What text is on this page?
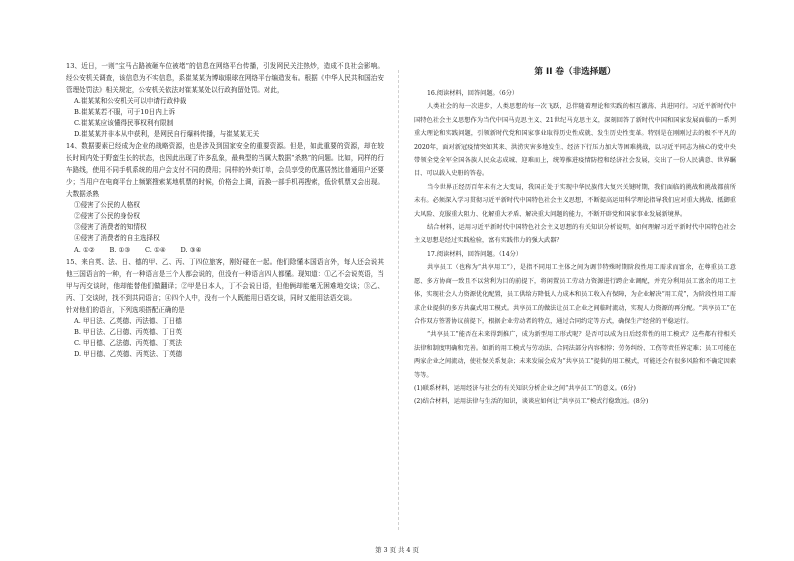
13、近日，一则“宝马占路被砸车位被堵”的信息在网络平台传播，引发网民关注热炒，造成不良社会影响。经公安机关调查，该信息为不实信息，系崔某某为博取眼球在网络平台编造发布。根据《中华人民共和国治安管理处罚法》相关规定，公安机关依法对崔某某处以行政拘留处罚。对此，

A.崔某某和公安机关可以申请行政仲裁

B.崔某某若不服，可于10日内上诉

C.崔某某应该懂得民事权利有限制

D.崔某某并非本从中获利，是网民自行爆料传播，与崔某某无关

14、数据要素已经成为企业的战略资源，也是涉及到国家安全的重要资源。但是，如此重要的资源，却在较长时间内处于野蛮生长的状态，也因此出现了许多乱象，最典型的当属大数据“杀熟”的问题。比如，同样的行车路线，使用不同手机系统的用户会支付不同的费用；同样的外卖订单，会员享受的优惠居然比普通用户还要少；当用户在电商平台上频繁搜索某地机票的时候，价格会上调，而换一部手机再搜索，低价机票又会出现。大数据杀熟

①侵害了公民的人格权

②侵害了公民的身份权

③侵害了消费者的知情权

④侵害了消费者的自主选择权

A. ①② B. ①③ C. ①④ D. ③④

15、来自英、法、日、德的甲、乙、丙、丁四位旅客，刚好碰在一起。他们除懂本国语言外，每人还会说其他三国语言的一种，有一种语言是三个人都会说的，但没有一种语言四人都懂。现知道：①乙不会说英语，当甲与丙交谈时，他却能替他们做翻译；②甲是日本人，丁不会说日语，但他俩却能毫无困难地交谈；③乙、丙、丁交谈时，找不到共同语言；④四个人中，没有一个人既能用日语交谈，同时又能用法语交谈。

针对他们的语言，下列选项搭配正确的是

A. 甲日法、乙英德、丙法德、丁日德

B. 甲日法、乙日德、丙英德、丁日英

C. 甲日德、乙法德、丙英德、丁英法

D. 甲日德、乙英德、丙英法、丁英德

第 II 卷（非选择题）

16.阅读材料，回答问题。（6分）

人类社会的每一次进步，人类思想的每一次飞跃，总伴随着理论和实践的相互激荡、共进同行。习近平新时代中国特色社会主义思想作为当代中国马克思主义、21世纪马克思主义，深刻回答了新时代中国和国家发展面临的一系列重大理论和实践问题，引领新时代党和国家事业取得历史性成就、发生历史性变革。特别是在刚刚过去的极不平凡的2020年，面对新冠疫情突如其来、洪涝灾害多地发生、经济下行压力加大等困难挑战，以习近平同志为核心的党中央带领全党全军全国各族人民众志成城、迎难而上，统筹推进疫情防控和经济社会发展，交出了一份人民满意、世界瞩目、可以载入史册的答卷。

当今世界正经历百年未有之大变局，我国正处于实现中华民族伟大复兴关键时期，我们面临的挑战和挑战都前所未有。必须深入学习贯彻习近平新时代中国特色社会主义思想，不断提高运用科学理论指导我们应对重大挑战、抵御重大风险、克服重大阻力、化解重大矛盾、解决重大问题的能力，不断开辟党和国家事业发展新境界。

结合材料，运用习近平新时代中国特色社会主义思想的有关知识分析说明，如何理解习近平新时代中国特色社会主义思想是经过实践检验，富有实践伟力的强大武器？

17.阅读材料，回答问题。（14分）

共享员工（也称为“共享用工”），是指不同用工主体之间为调节特殊时期阶段性用工需求而富余，在尊重员工意愿、多方协商一致且不以营利为目的前提下，将闲置员工劳动力资源进行跨企业调配，并充分利用员工富余的用工主体，实现社会人力资源优化配置，员工供给方降低人力成本和员工收入有保障，为企业解决“用工荒”，为阶段性用工需求企业提供的多方共赢式用工模式。共享员工的做法让员工企业之间临时流动，实现人力资源的再分配。“共享员工”在合作双方签署协议前提下，根据企业劳动者的特点，通过合同约定等方式，确保生产经营的平稳运行。

“共享员工”能否在未来得到推广，成为新型用工形式呢？是否可以成为日后经常性的用工模式？这些都有待相关法律和制度明确和完善。如新的用工模式与劳动法、合同法部分内容相悖；劳务纠纷、工伤等责任界定难；员工可能在两家企业之间流动，使社保关系复杂；未来发展会成为“共享员工”提供的用工模式，可能还会有很多风险和不确定因素等等。

(1)联系材料，运用经济与社会的有关知识分析企业之间“共享员工”的意义。(6分)

(2)结合材料，运用法律与生活的知识，谈谈应如何让“共享员工”模式行稳致远。(8分)

第 3 页 共 4 页
